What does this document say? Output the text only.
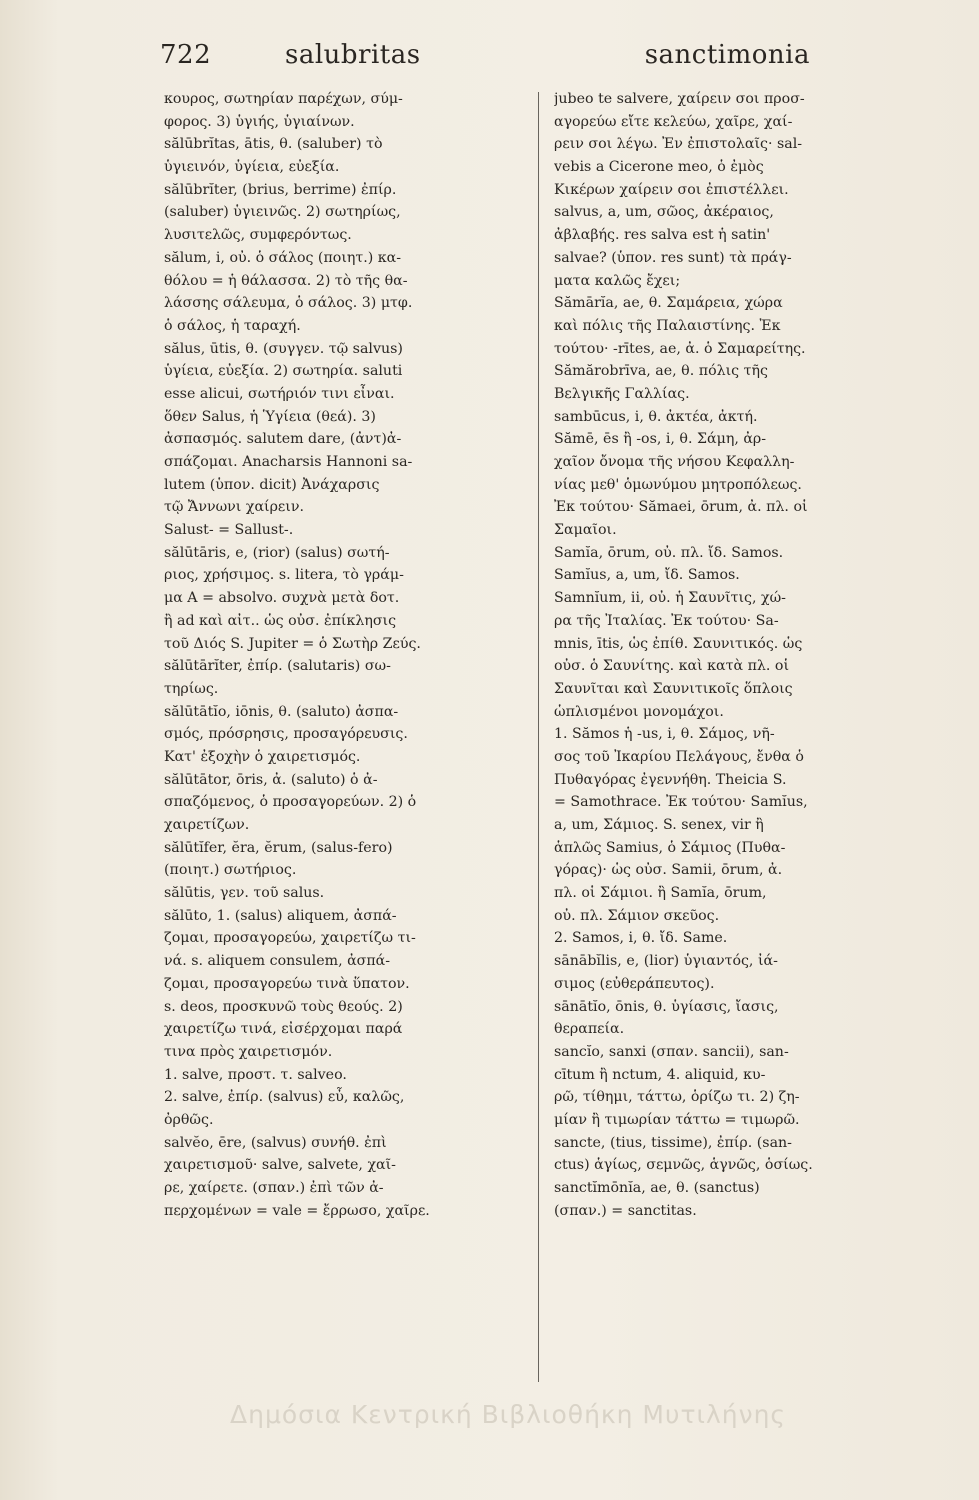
722	salubritas	sanctimonia
κουρος, σωτηρίαν παρέχων, σύμ-
φορος. 3) ὑγιής, ὑγιαίνων.
sălūbrĭtas, ātis, θ. (saluber) τὸ
ὑγιεινόν, ὑγίεια, εὐεξία.
sălūbrĭter, (brius, berrime) ἐπίρ.
(saluber) ὑγιεινῶς. 2) σωτηρίως,
λυσιτελῶς, συμφερόντως.
sălum, i, οὐ. ὁ σάλος (ποιητ.) κα-
θόλου = ἡ θάλασσα. 2) τὸ τῆς θα-
λάσσης σάλευμα, ὁ σάλος. 3) μτφ.
ὁ σάλος, ἡ ταραχή.
sălus, ūtis, θ. (συγγεν. τῷ salvus)
ὑγίεια, εὐεξία. 2) σωτηρία. saluti
esse alicui, σωτήριόν τινι εἶναι.
ὅθεν Salus, ἡ Ὑγίεια (θεά). 3)
ἀσπασμός. salutem dare, (ἀντ)ἀ-
σπάζομαι. Anacharsis Hannoni sa-
lutem (ὑπον. dicit) Ἀνάχαρσις
τῷ Ἄννωνι χαίρειν.
Salust- = Sallust-.
sălūtāris, e, (rior) (salus) σωτή-
ριος, χρήσιμος. s. litera, τὸ γράμ-
μα A = absolvo. συχνὰ μετὰ δοτ.
ἢ ad καὶ αἰτ.. ὡς οὐσ. ἐπίκλησις
τοῦ Διός S. Jupiter = ὁ Σωτὴρ Ζεύς.
sălūtārĭter, ἐπίρ. (salutaris) σω-
τηρίως.
sălūtātĭo, iōnis, θ. (saluto) ἀσπα-
σμός, πρόσρησις, προσαγόρευσις.
Κατ' ἐξοχὴν ὁ χαιρετισμός.
sălūtātor, ōris, ἀ. (saluto) ὁ ἀ-
σπαζόμενος, ὁ προσαγορεύων. 2) ὁ
χαιρετίζων.
sălūtĭfer, ĕra, ĕrum, (salus-fero)
(ποιητ.) σωτήριος.
sălūtis, γεν. τοῦ salus.
sălūto, 1. (salus) aliquem, ἀσπά-
ζομαι, προσαγορεύω, χαιρετίζω τι-
νά. s. aliquem consulem, ἀσπά-
ζομαι, προσαγορεύω τινὰ ὕπατον.
s. deos, προσκυνῶ τοὺς θεούς. 2)
χαιρετίζω τινά, εἰσέρχομαι παρά
τινα πρὸς χαιρετισμόν.
1. salve, προστ. τ. salveo.
2. salve, ἐπίρ. (salvus) εὖ, καλῶς,
ὀρθῶς.
salvĕo, ēre, (salvus) συνήθ. ἐπὶ
χαιρετισμοῦ· salve, salvete, χαῖ-
ρε, χαίρετε. (σπαν.) ἐπὶ τῶν ἀ-
περχομένων = vale = ἔρρωσο, χαῖρε.
jubeo te salvere, χαίρειν σοι προσ-
αγορεύω εἴτε κελεύω, χαῖρε, χαί-
ρειν σοι λέγω. Ἐν ἐπιστολαῖς· sal-
vebis a Cicerone meo, ὁ ἐμὸς
Κικέρων χαίρειν σοι ἐπιστέλλει.
salvus, a, um, σῶος, ἀκέραιος,
ἀβλαβής. res salva est ἡ satin'
salvae? (ὑπον. res sunt) τὰ πράγ-
ματα καλῶς ἔχει;
Sămārĭa, ae, θ. Σαμάρεια, χώρα
καὶ πόλις τῆς Παλαιστίνης. Ἐκ
τούτου· -rītes, ae, ἀ. ὁ Σαμαρείτης.
Sămărobrīva, ae, θ. πόλις τῆς
Βελγικῆς Γαλλίας.
sambūcus, i, θ. ἀκτέα, ἀκτή.
Sămē, ēs ἢ -os, i, θ. Σάμη, ἀρ-
χαῖον ὄνομα τῆς νήσου Κεφαλλη-
νίας μεθ' ὁμωνύμου μητροπόλεως.
Ἐκ τούτου· Sămaei, ōrum, ἀ. πλ. οἱ
Σαμαῖοι.
Samĭa, ōrum, οὐ. πλ. ἴδ. Samos.
Samĭus, a, um, ἴδ. Samos.
Samnĭum, ii, οὐ. ἡ Σαυνῖτις, χώ-
ρα τῆς Ἰταλίας. Ἐκ τούτου· Sa-
mnis, ītis, ὡς ἐπίθ. Σαυνιτικός. ὡς
οὐσ. ὁ Σαυνίτης. καὶ κατὰ πλ. οἱ
Σαυνῖται καὶ Σαυνιτικοῖς ὅπλοις
ὡπλισμένοι μονομάχοι.
1. Sămos ἡ -us, i, θ. Σάμος, νῆ-
σος τοῦ Ἰκαρίου Πελάγους, ἔνθα ὁ
Πυθαγόρας ἐγεννήθη. Theicia S.
= Samothrace. Ἐκ τούτου· Samĭus,
a, um, Σάμιος. S. senex, vir ἢ
ἁπλῶς Samius, ὁ Σάμιος (Πυθα-
γόρας)· ὡς οὐσ. Samii, ōrum, ἀ.
πλ. οἱ Σάμιοι. ἢ Samĭa, ōrum,
οὐ. πλ. Σάμιον σκεῦος.
2. Samos, i, θ. ἴδ. Same.
sānābĭlis, e, (lior) ὑγιαντός, ἰά-
σιμος (εὐθεράπευτος).
sānātĭo, ōnis, θ. ὑγίασις, ἴασις,
θεραπεία.
sancĭo, sanxi (σπαν. sancii), san-
cītum ἢ nctum, 4. aliquid, κυ-
ρῶ, τίθημι, τάττω, ὁρίζω τι. 2) ζη-
μίαν ἢ τιμωρίαν τάττω = τιμωρῶ.
sancte, (tius, tissime), ἐπίρ. (san-
ctus) ἁγίως, σεμνῶς, ἁγνῶς, ὁσίως.
sanctĭmōnĭa, ae, θ. (sanctus)
(σπαν.) = sanctitas.
Δημόσια Κεντρική Βιβλιοθήκη Μυτιλήνης
